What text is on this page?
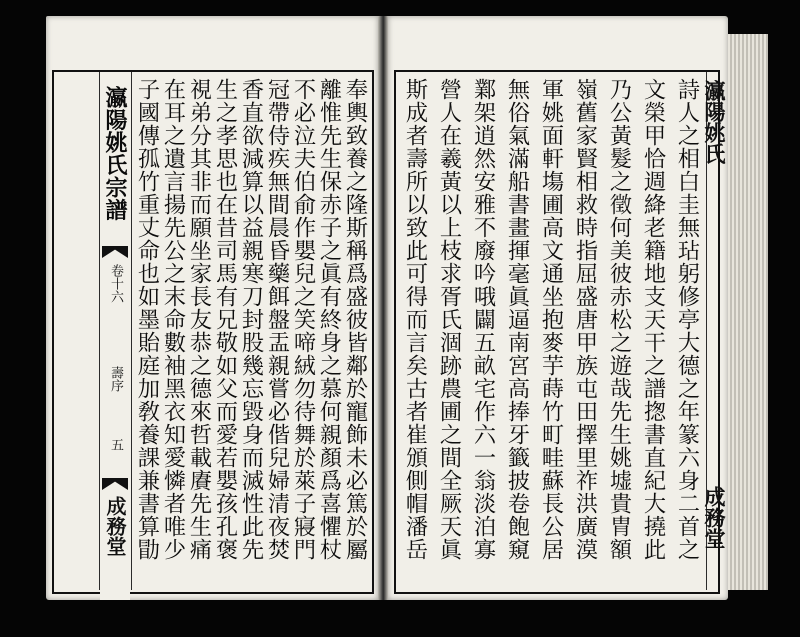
瀛陽姚氏宗譜
卷十六
壽序
五
成務堂	奉輿致養之隆斯稱爲盛彼皆鄰於寵飾未必篤於屬
離惟先生保赤子之眞有終身之慕何親顏爲喜懼杖
不必泣夫伯俞作嬰兒之笑啼絨勿待舞於萊子寢門
冠帶侍疾無間晨昏藥餌盤盂親嘗必偕兒婦清夜焚
香直欲減算以益親寒刀封股幾忘毀身而滅性此先
生之孝思也在昔司馬有兄敬如父而愛若嬰孩孔褒
視弟分其非而願坐家長友恭之德來哲載賡先生痛
在耳之遺言揚先公之末命數袖黑衣知愛憐者唯少
子國傳孤竹重丈命也如墨貽庭加敎養課兼書算勖	詩人之相白圭無玷躬修亭大德之年篆六身二首之
文榮甲恰週絳老籍地支天干之譜揔書直紀大撓此
乃公黃髮之徵何美彼赤松之遊哉先生姚墟貴胄額
嶺舊家賢相救時指屈盛唐甲族屯田擇里祚洪廣漠
軍姚面軒塲圃高文通坐抱麥芋蒔竹町畦蘇長公居
無俗氣滿船書畫揮毫眞逼南宮高捧牙籤披卷飽窺
鄴架逍然安雅不廢吟哦闢五畝宅作六一翁淡泊寡
營人在羲黃以上枝求胥氏涸跡農圃之間全厥天眞
斯成者壽所以致此可得而言矣古者崔頒側帽潘岳	瀛陽姚氏
成務堂
